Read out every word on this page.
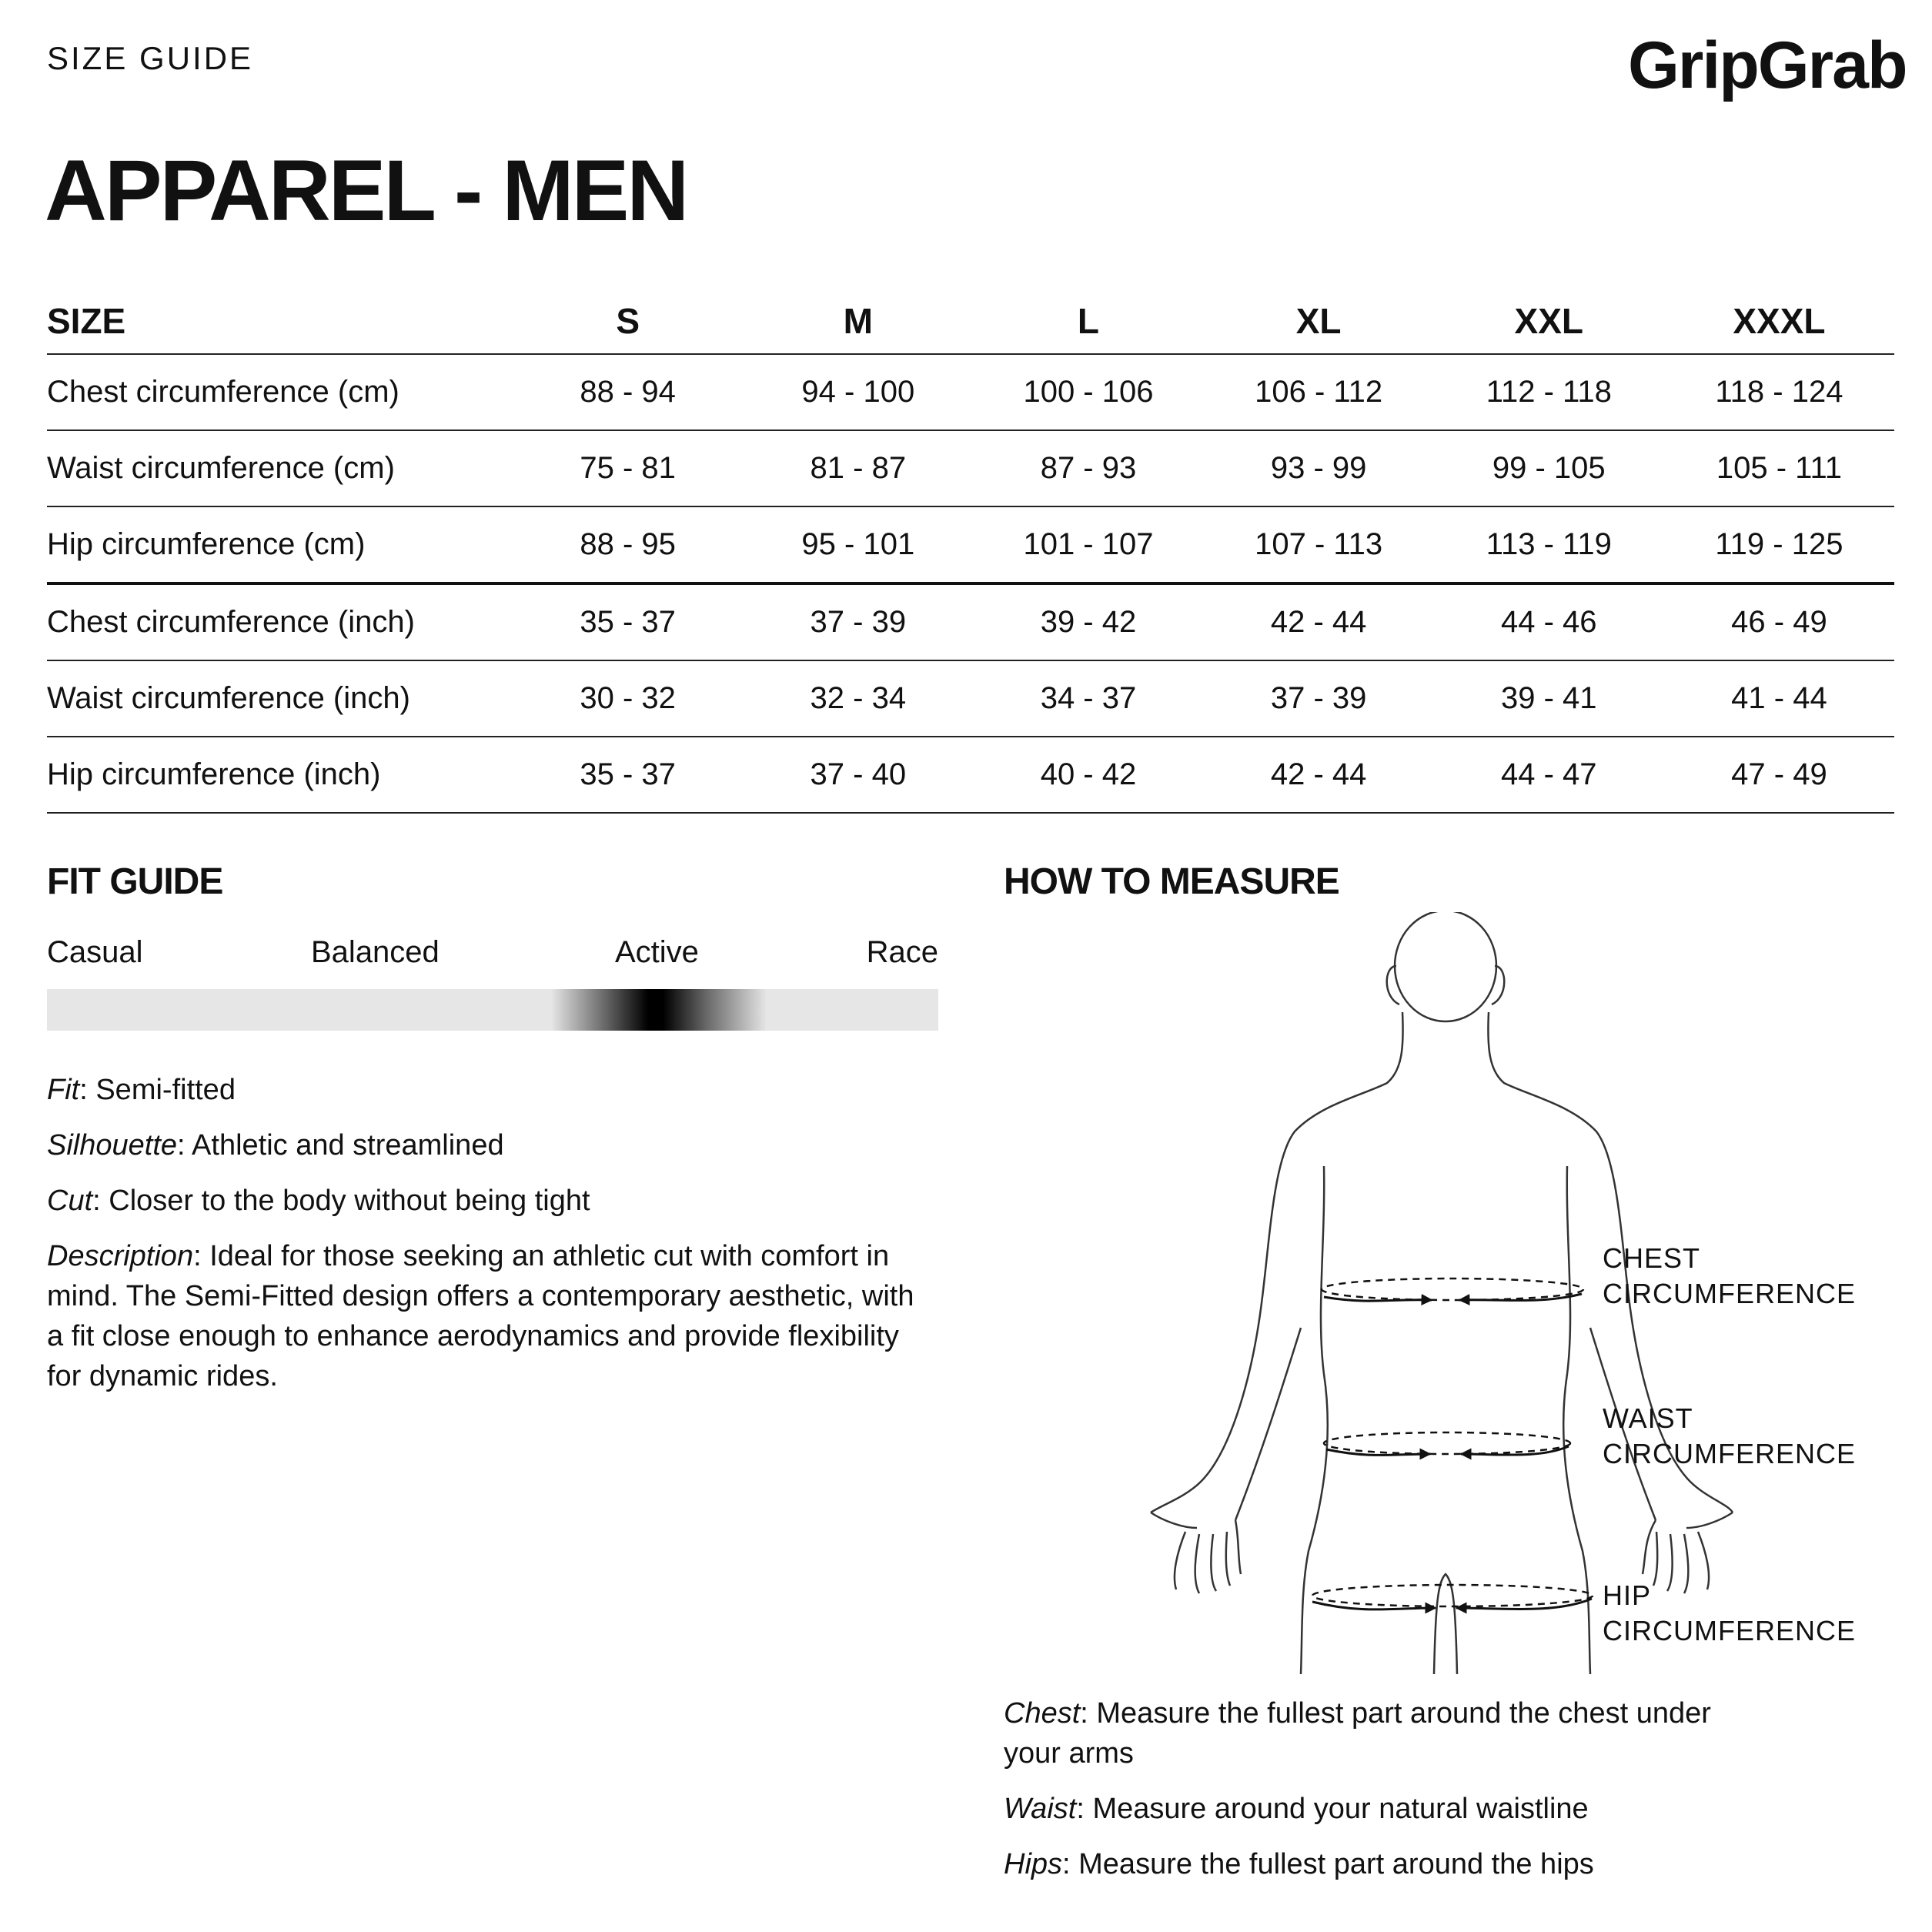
SIZE GUIDE	GripGrab
APPAREL - MEN
SIZE	S	M	L	XL	XXL	XXXL
Chest circumference (cm)	88 - 94	94 - 100	100 - 106	106 - 112	112 - 118	118 - 124
Waist circumference (cm)	75 - 81	81 - 87	87 - 93	93 - 99	99 - 105	105 - 111
Hip circumference (cm)	88 - 95	95 - 101	101 - 107	107 - 113	113 - 119	119 - 125
Chest circumference (inch)	35 - 37	37 - 39	39 - 42	42 - 44	44 - 46	46 - 49
Waist circumference (inch)	30 - 32	32 - 34	34 - 37	37 - 39	39 - 41	41 - 44
Hip circumference (inch)	35 - 37	37 - 40	40 - 42	42 - 44	44 - 47	47 - 49
FIT GUIDE
Casual	Balanced	Active	Race

Fit: Semi-fitted

Silhouette: Athletic and streamlined

Cut: Closer to the body without being tight

Description: Ideal for those seeking an athletic cut with comfort in mind. The Semi-Fitted design offers a contemporary aesthetic, with a fit close enough to enhance aerodynamics and provide flexibility for dynamic rides.

HOW TO MEASURE
CHEST
CIRCUMFERENCE
WAIST
CIRCUMFERENCE
HIP
CIRCUMFERENCE

Chest: Measure the fullest part around the chest under your arms

Waist: Measure around your natural waistline

Hips: Measure the fullest part around the hips
